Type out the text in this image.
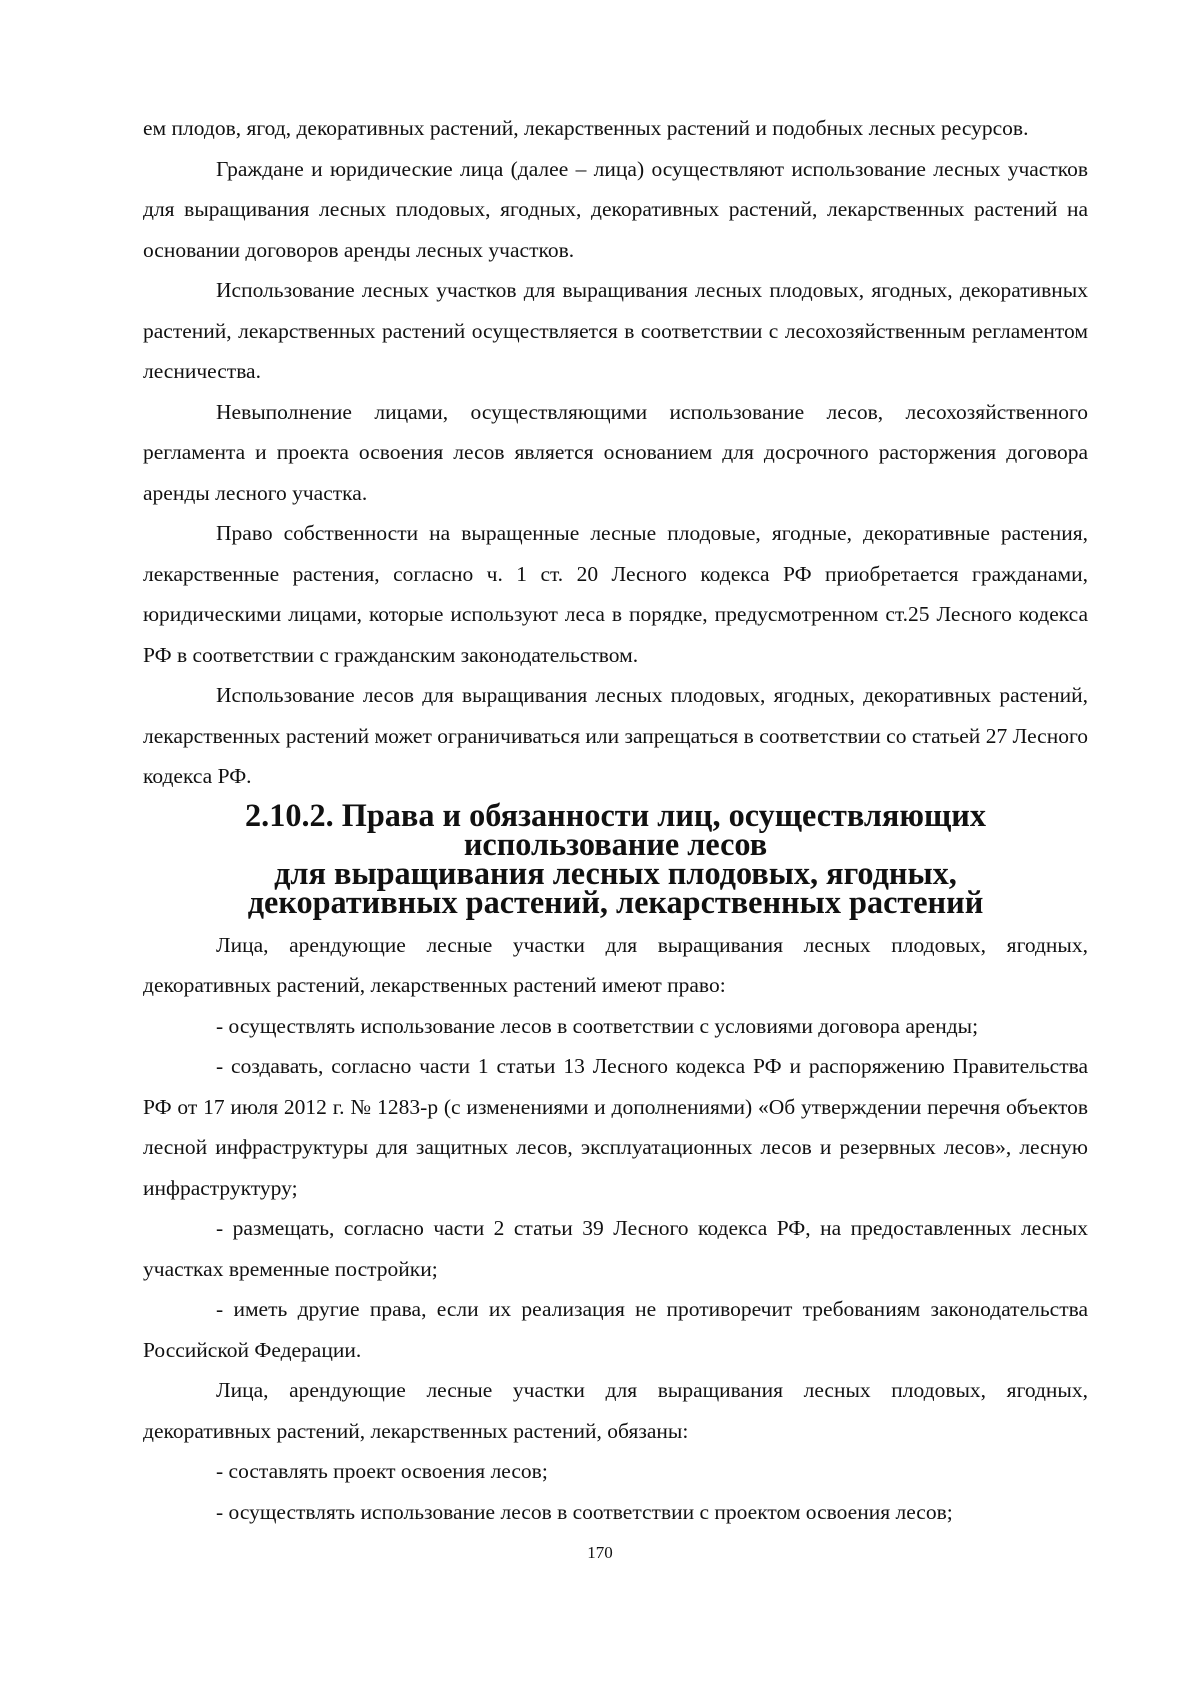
ем плодов, ягод, декоративных растений, лекарственных растений и подобных лесных ресурсов.

Граждане и юридические лица (далее – лица) осуществляют использование лесных участков для выращивания лесных плодовых, ягодных, декоративных растений, лекарственных растений на основании договоров аренды лесных участков.

Использование лесных участков для выращивания лесных плодовых, ягодных, декоративных растений, лекарственных растений осуществляется в соответствии с лесохозяйственным регламентом лесничества.

Невыполнение лицами, осуществляющими использование лесов, лесохозяйственного регламента и проекта освоения лесов является основанием для досрочного расторжения договора аренды лесного участка.

Право собственности на выращенные лесные плодовые, ягодные, декоративные растения, лекарственные растения, согласно ч. 1 ст. 20 Лесного кодекса РФ приобретается гражданами, юридическими лицами, которые используют леса в порядке, предусмотренном ст.25 Лесного кодекса РФ в соответствии с гражданским законодательством.

Использование лесов для выращивания лесных плодовых, ягодных, декоративных растений, лекарственных растений может ограничиваться или запрещаться в соответствии со статьей 27 Лесного кодекса РФ.

2.10.2. Права и обязанности лиц, осуществляющих использование лесов
для выращивания лесных плодовых, ягодных,
декоративных растений, лекарственных растений

Лица, арендующие лесные участки для выращивания лесных плодовых, ягодных, декоративных растений, лекарственных растений имеют право:

- осуществлять использование лесов в соответствии с условиями договора аренды;

- создавать, согласно части 1 статьи 13 Лесного кодекса РФ и распоряжению Правительства РФ от 17 июля 2012 г. № 1283-р (с изменениями и дополнениями) «Об утверждении перечня объектов лесной инфраструктуры для защитных лесов, эксплуатационных лесов и резервных лесов», лесную инфраструктуру;

- размещать, согласно части 2 статьи 39 Лесного кодекса РФ, на предоставленных лесных участках временные постройки;

- иметь другие права, если их реализация не противоречит требованиям законодательства Российской Федерации.

Лица, арендующие лесные участки для выращивания лесных плодовых, ягодных, декоративных растений, лекарственных растений, обязаны:

- составлять проект освоения лесов;

- осуществлять использование лесов в соответствии с проектом освоения лесов;

170
